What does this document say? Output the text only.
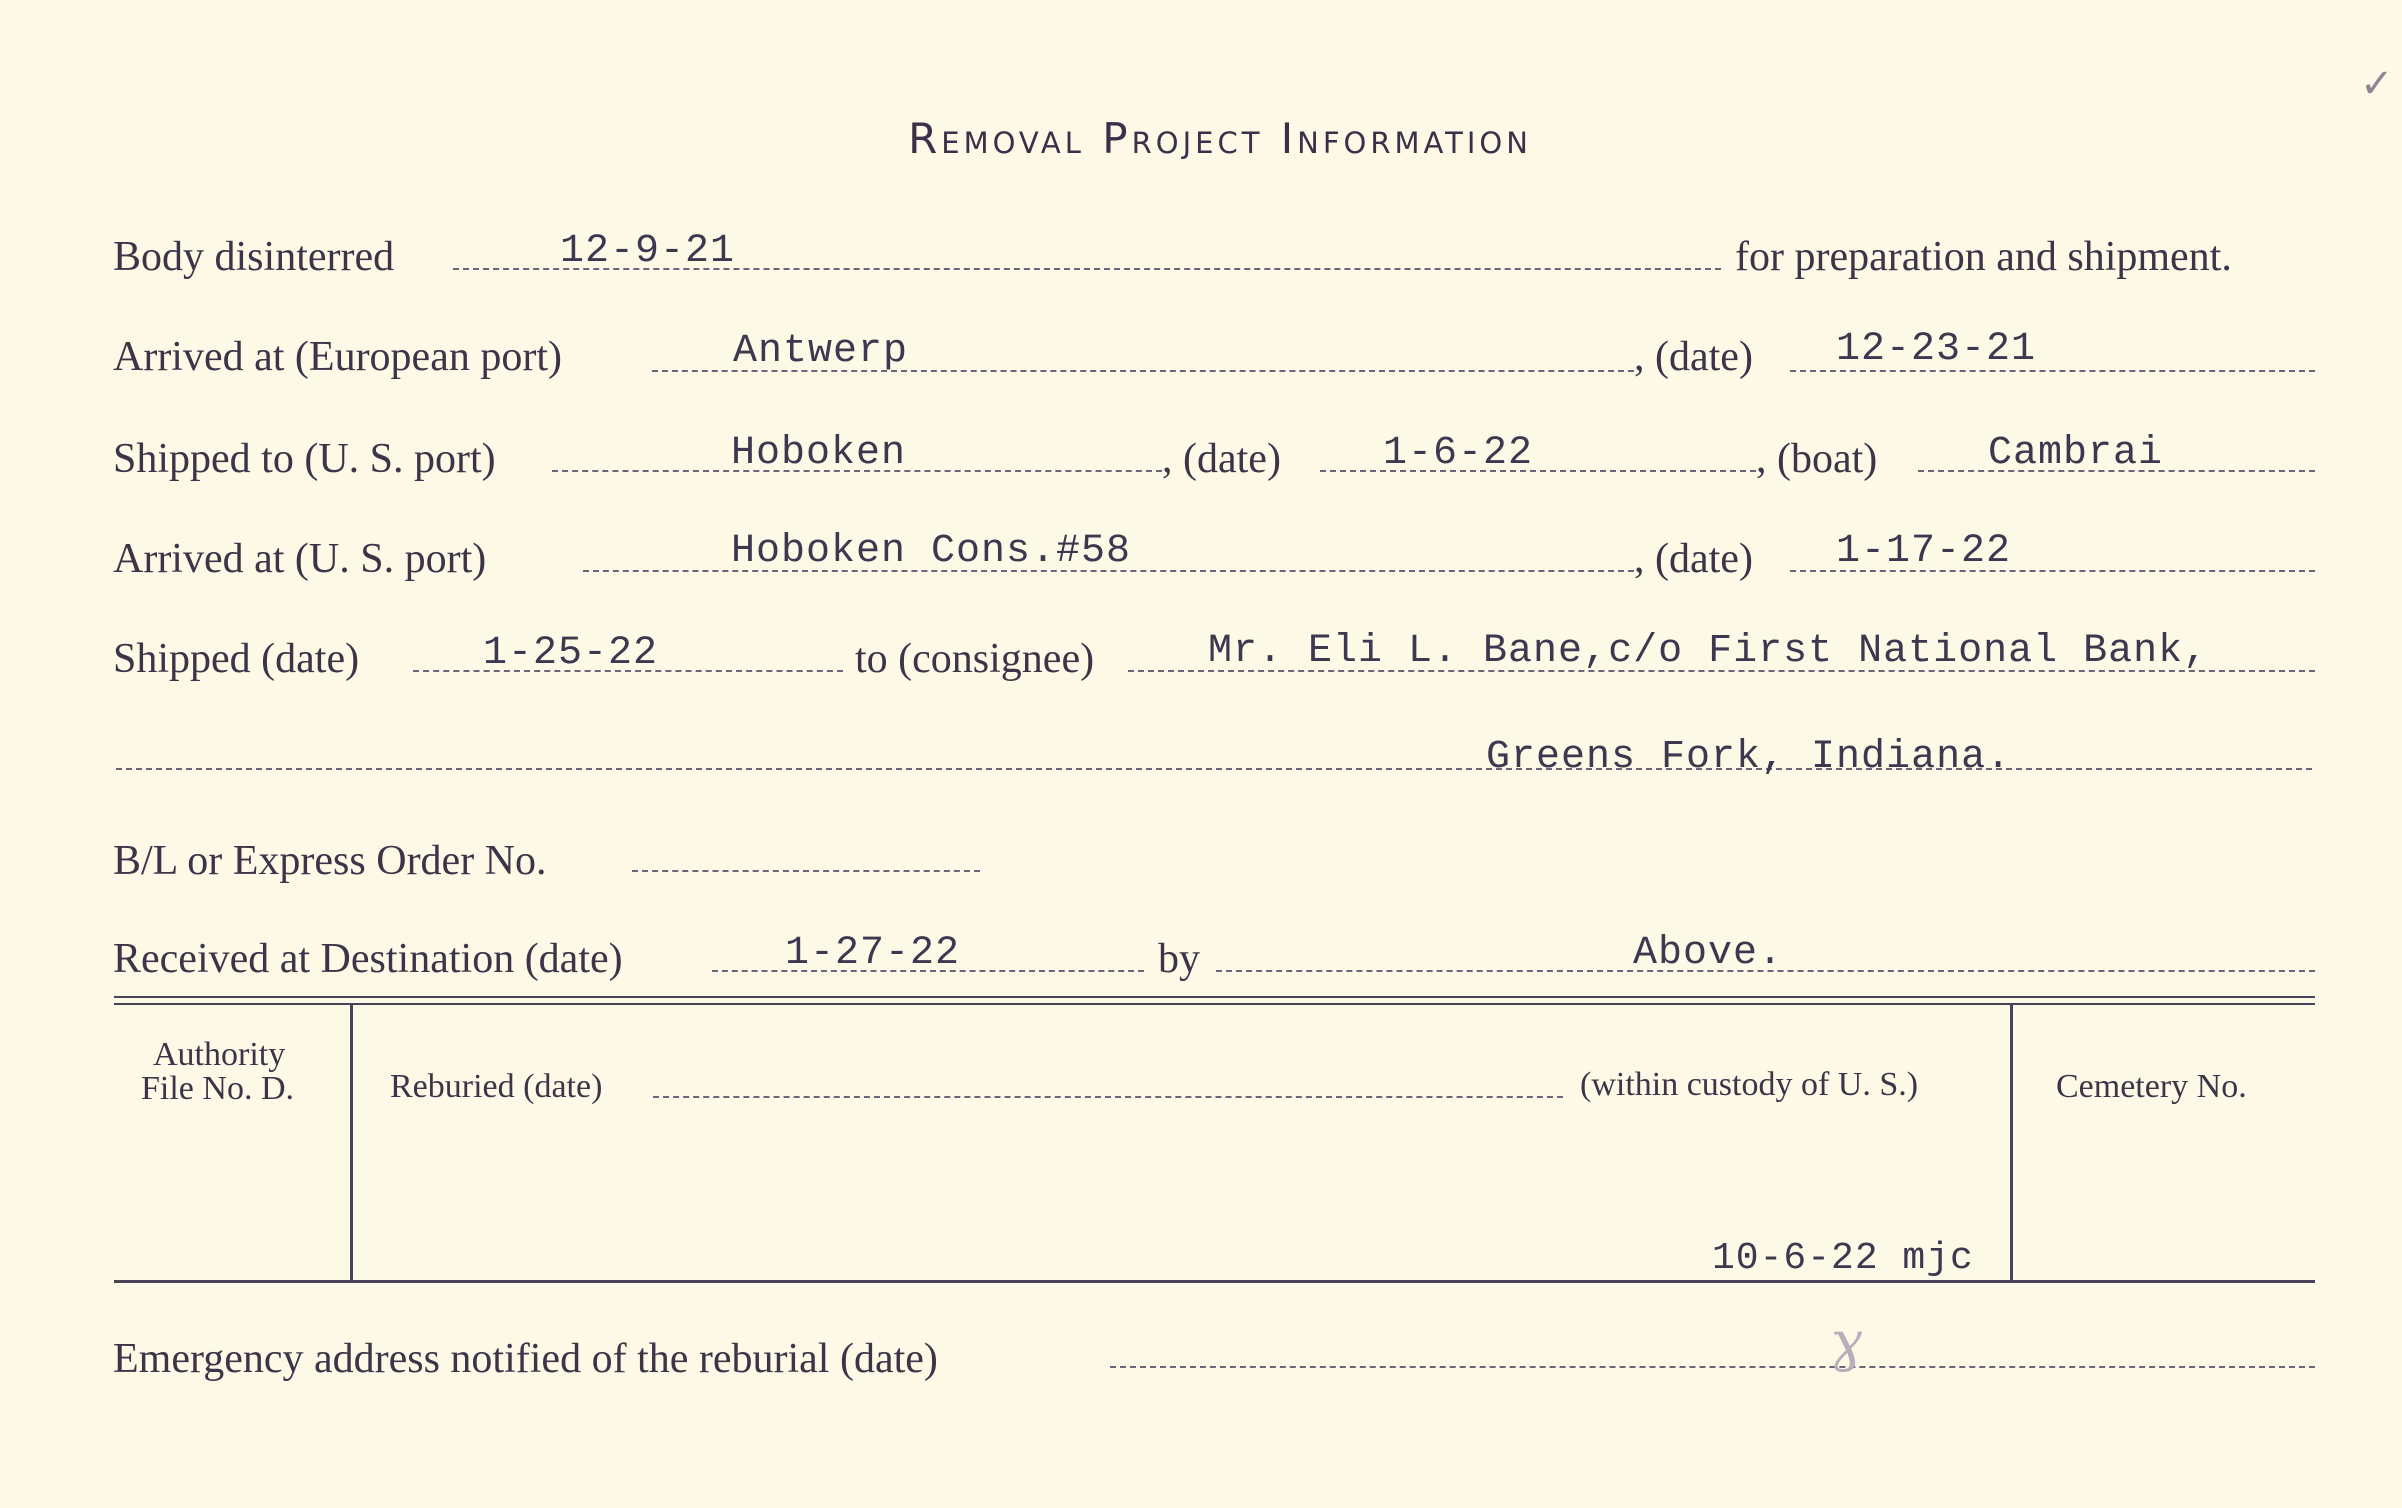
Removal Project Information
Body disinterred	12-9-21	for preparation and shipment.
Arrived at (European port)	Antwerp	, (date) 12-23-21
Shipped to (U. S. port)	Hoboken	, (date)	1-6-22	, (boat)	Cambrai
Arrived at (U. S. port)	Hoboken Cons.#58	, (date) 1-17-22
Shipped (date)	1-25-22	to (consignee)	Mr. Eli L. Bane,c/o First National Bank,
Greens Fork, Indiana.
B/L or Express Order No.
Received at Destination (date)	1-27-22	by	Above.
Authority
File No. D.	Reburied (date)	(within custody of U. S.)	Cemetery No.
10-6-22 mjc
Emergency address notified of the reburial (date)	ɣ
✓
